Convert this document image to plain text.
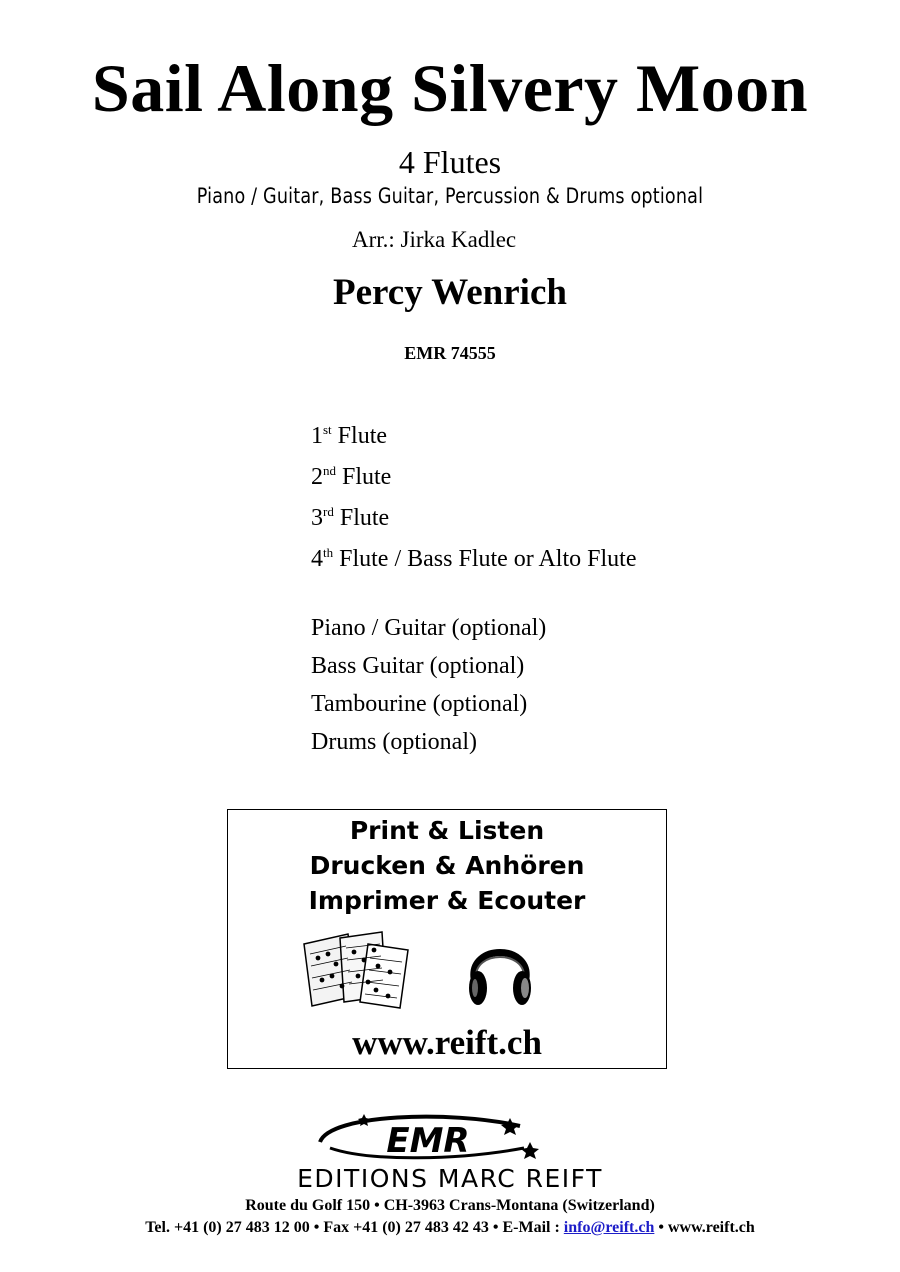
Sail Along Silvery Moon
4 Flutes
Piano / Guitar, Bass Guitar, Percussion & Drums optional
Arr.: Jirka Kadlec
Percy Wenrich
EMR 74555
1st Flute
2nd Flute
3rd Flute
4th Flute / Bass Flute or Alto Flute
Piano / Guitar (optional)
Bass Guitar (optional)
Tambourine (optional)
Drums (optional)
Print & Listen
Drucken & Anhören
Imprimer & Ecouter
www.reift.ch
EMR
EDITIONS MARC REIFT
Route du Golf 150 • CH-3963 Crans-Montana (Switzerland)
Tel. +41 (0) 27 483 12 00 • Fax +41 (0) 27 483 42 43 • E-Mail : info@reift.ch • www.reift.ch
